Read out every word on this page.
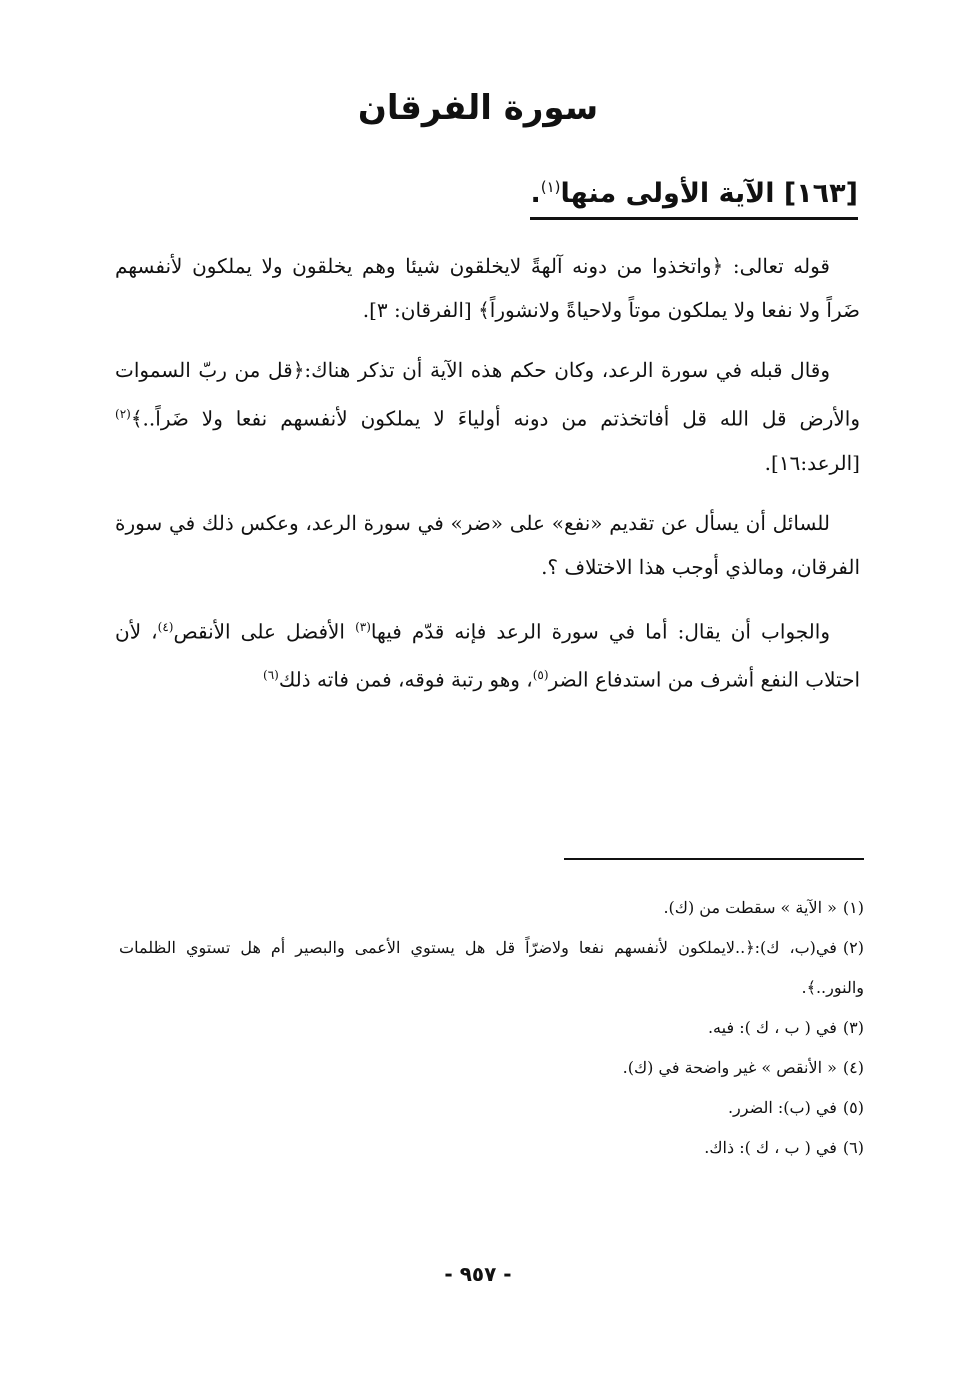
سورة الفرقان
[١٦٣] الآية الأولى منها$^{(١)}$.

قوله تعالى: ﴿واتخذوا من دونه آلهةً لايخلقون شيئا وهم يخلقون ولا يملكون لأنفسهم ضَراً ولا نفعا ولا يملكون موتاً ولاحياةً ولانشوراً﴾ [الفرقان: ٣].

وقال قبله في سورة الرعد، وكان حكم هذه الآية أن تذكر هناك:﴿قل من ربّ السموات والأرض قل الله قل أفاتخذتم من دونه أولياءَ لا يملكون لأنفسهم نفعا ولا ضَراً..﴾$^{(٢)}$[الرعد:١٦].

للسائل أن يسأل عن تقديم «نفع» على «ضر» في سورة الرعد، وعكس ذلك في سورة الفرقان، ومالذي أوجب هذا الاختلاف ؟.

والجواب أن يقال: أما في سورة الرعد فإنه قدّم فيها$^{(٣)}$ الأفضل على الأنقص$^{(٤)}$، لأن احتلاب النفع أشرف من استدفاع الضر$^{(٥)}$، وهو رتبة فوقه، فمن فاته ذلك$^{(٦)}$

(١)« الآية » سقطت من (ك).
(٢)في(ب، ك):﴿..لايملكون لأنفسهم نفعا ولاضرّاً قل هل يستوي الأعمى والبصير أم هل تستوي الظلمات والنور..﴾.
(٣)في ( ب ، ك ): فيه.
(٤)« الأنقص » غير واضحة في (ك).
(٥)في (ب): الضرر.
(٦)في ( ب ، ك ): ذاك.
- ٩٥٧ -
